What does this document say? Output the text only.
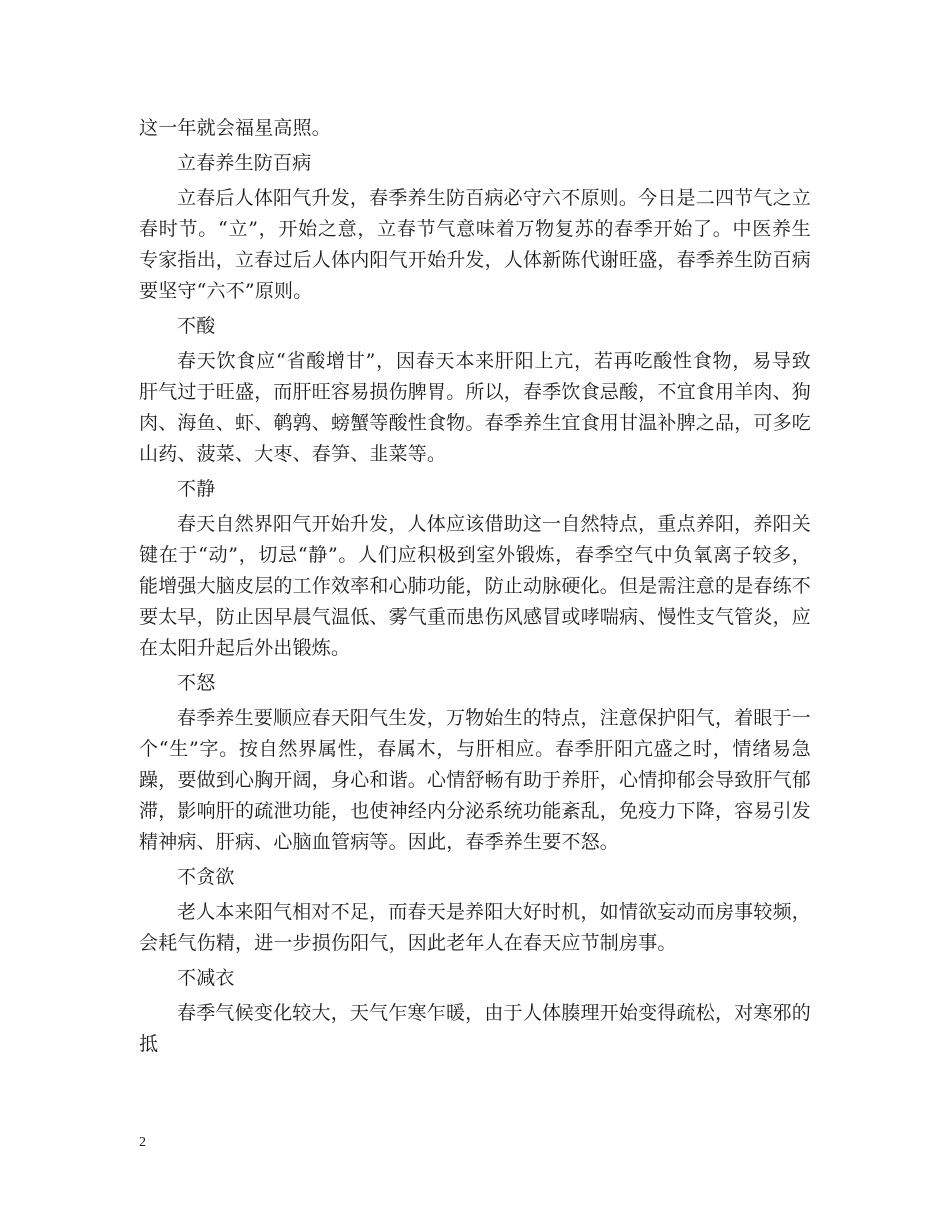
这一年就会福星高照。

立春养生防百病

立春后人体阳气升发，春季养生防百病必守六不原则。今日是二四节气之立春时节。“立”，开始之意，立春节气意味着万物复苏的春季开始了。中医养生专家指出，立春过后人体内阳气开始升发，人体新陈代谢旺盛，春季养生防百病要坚守“六不”原则。

不酸

春天饮食应“省酸增甘”，因春天本来肝阳上亢，若再吃酸性食物，易导致肝气过于旺盛，而肝旺容易损伤脾胃。所以，春季饮食忌酸，不宜食用羊肉、狗肉、海鱼、虾、鹌鹑、螃蟹等酸性食物。春季养生宜食用甘温补脾之品，可多吃山药、菠菜、大枣、春笋、韭菜等。

不静

春天自然界阳气开始升发，人体应该借助这一自然特点，重点养阳，养阳关键在于“动”，切忌“静”。人们应积极到室外锻炼，春季空气中负氧离子较多，能增强大脑皮层的工作效率和心肺功能，防止动脉硬化。但是需注意的是春练不要太早，防止因早晨气温低、雾气重而患伤风感冒或哮喘病、慢性支气管炎，应在太阳升起后外出锻炼。

不怒

春季养生要顺应春天阳气生发，万物始生的特点，注意保护阳气，着眼于一个“生”字。按自然界属性，春属木，与肝相应。春季肝阳亢盛之时，情绪易急躁，要做到心胸开阔，身心和谐。心情舒畅有助于养肝，心情抑郁会导致肝气郁滞，影响肝的疏泄功能，也使神经内分泌系统功能紊乱，免疫力下降，容易引发精神病、肝病、心脑血管病等。因此，春季养生要不怒。

不贪欲

老人本来阳气相对不足，而春天是养阳大好时机，如情欲妄动而房事较频，会耗气伤精，进一步损伤阳气，因此老年人在春天应节制房事。

不减衣

春季气候变化较大，天气乍寒乍暖，由于人体腠理开始变得疏松，对寒邪的抵

2
